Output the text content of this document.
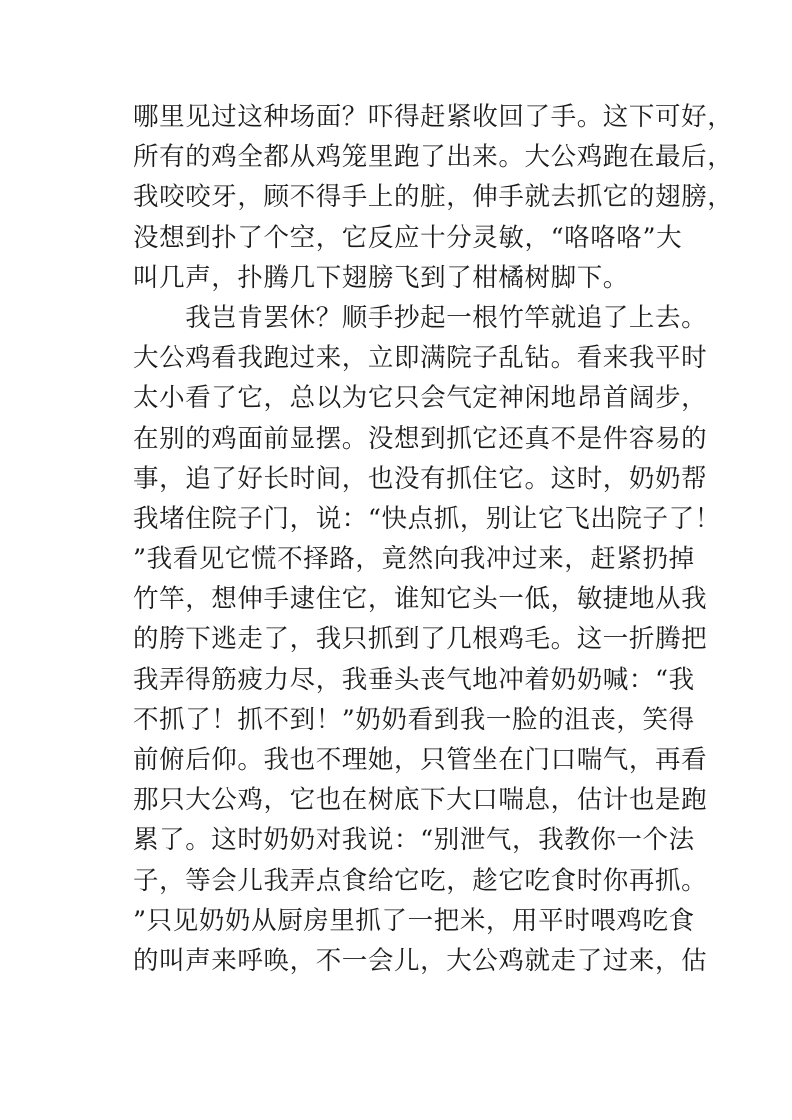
哪里见过这种场面？吓得赶紧收回了手。这下可好，
所有的鸡全都从鸡笼里跑了出来。大公鸡跑在最后，
我咬咬牙，顾不得手上的脏，伸手就去抓它的翅膀，
没想到扑了个空，它反应十分灵敏，“咯咯咯”大
叫几声，扑腾几下翅膀飞到了柑橘树脚下。
　　我岂肯罢休？顺手抄起一根竹竿就追了上去。
大公鸡看我跑过来，立即满院子乱钻。看来我平时
太小看了它，总以为它只会气定神闲地昂首阔步，
在别的鸡面前显摆。没想到抓它还真不是件容易的
事，追了好长时间，也没有抓住它。这时，奶奶帮
我堵住院子门，说：“快点抓，别让它飞出院子了！
”我看见它慌不择路，竟然向我冲过来，赶紧扔掉
竹竿，想伸手逮住它，谁知它头一低，敏捷地从我
的胯下逃走了，我只抓到了几根鸡毛。这一折腾把
我弄得筋疲力尽，我垂头丧气地冲着奶奶喊：“我
不抓了！抓不到！”奶奶看到我一脸的沮丧，笑得
前俯后仰。我也不理她，只管坐在门口喘气，再看
那只大公鸡，它也在树底下大口喘息，估计也是跑
累了。这时奶奶对我说：“别泄气，我教你一个法
子，等会儿我弄点食给它吃，趁它吃食时你再抓。
”只见奶奶从厨房里抓了一把米，用平时喂鸡吃食
的叫声来呼唤，不一会儿，大公鸡就走了过来，估
